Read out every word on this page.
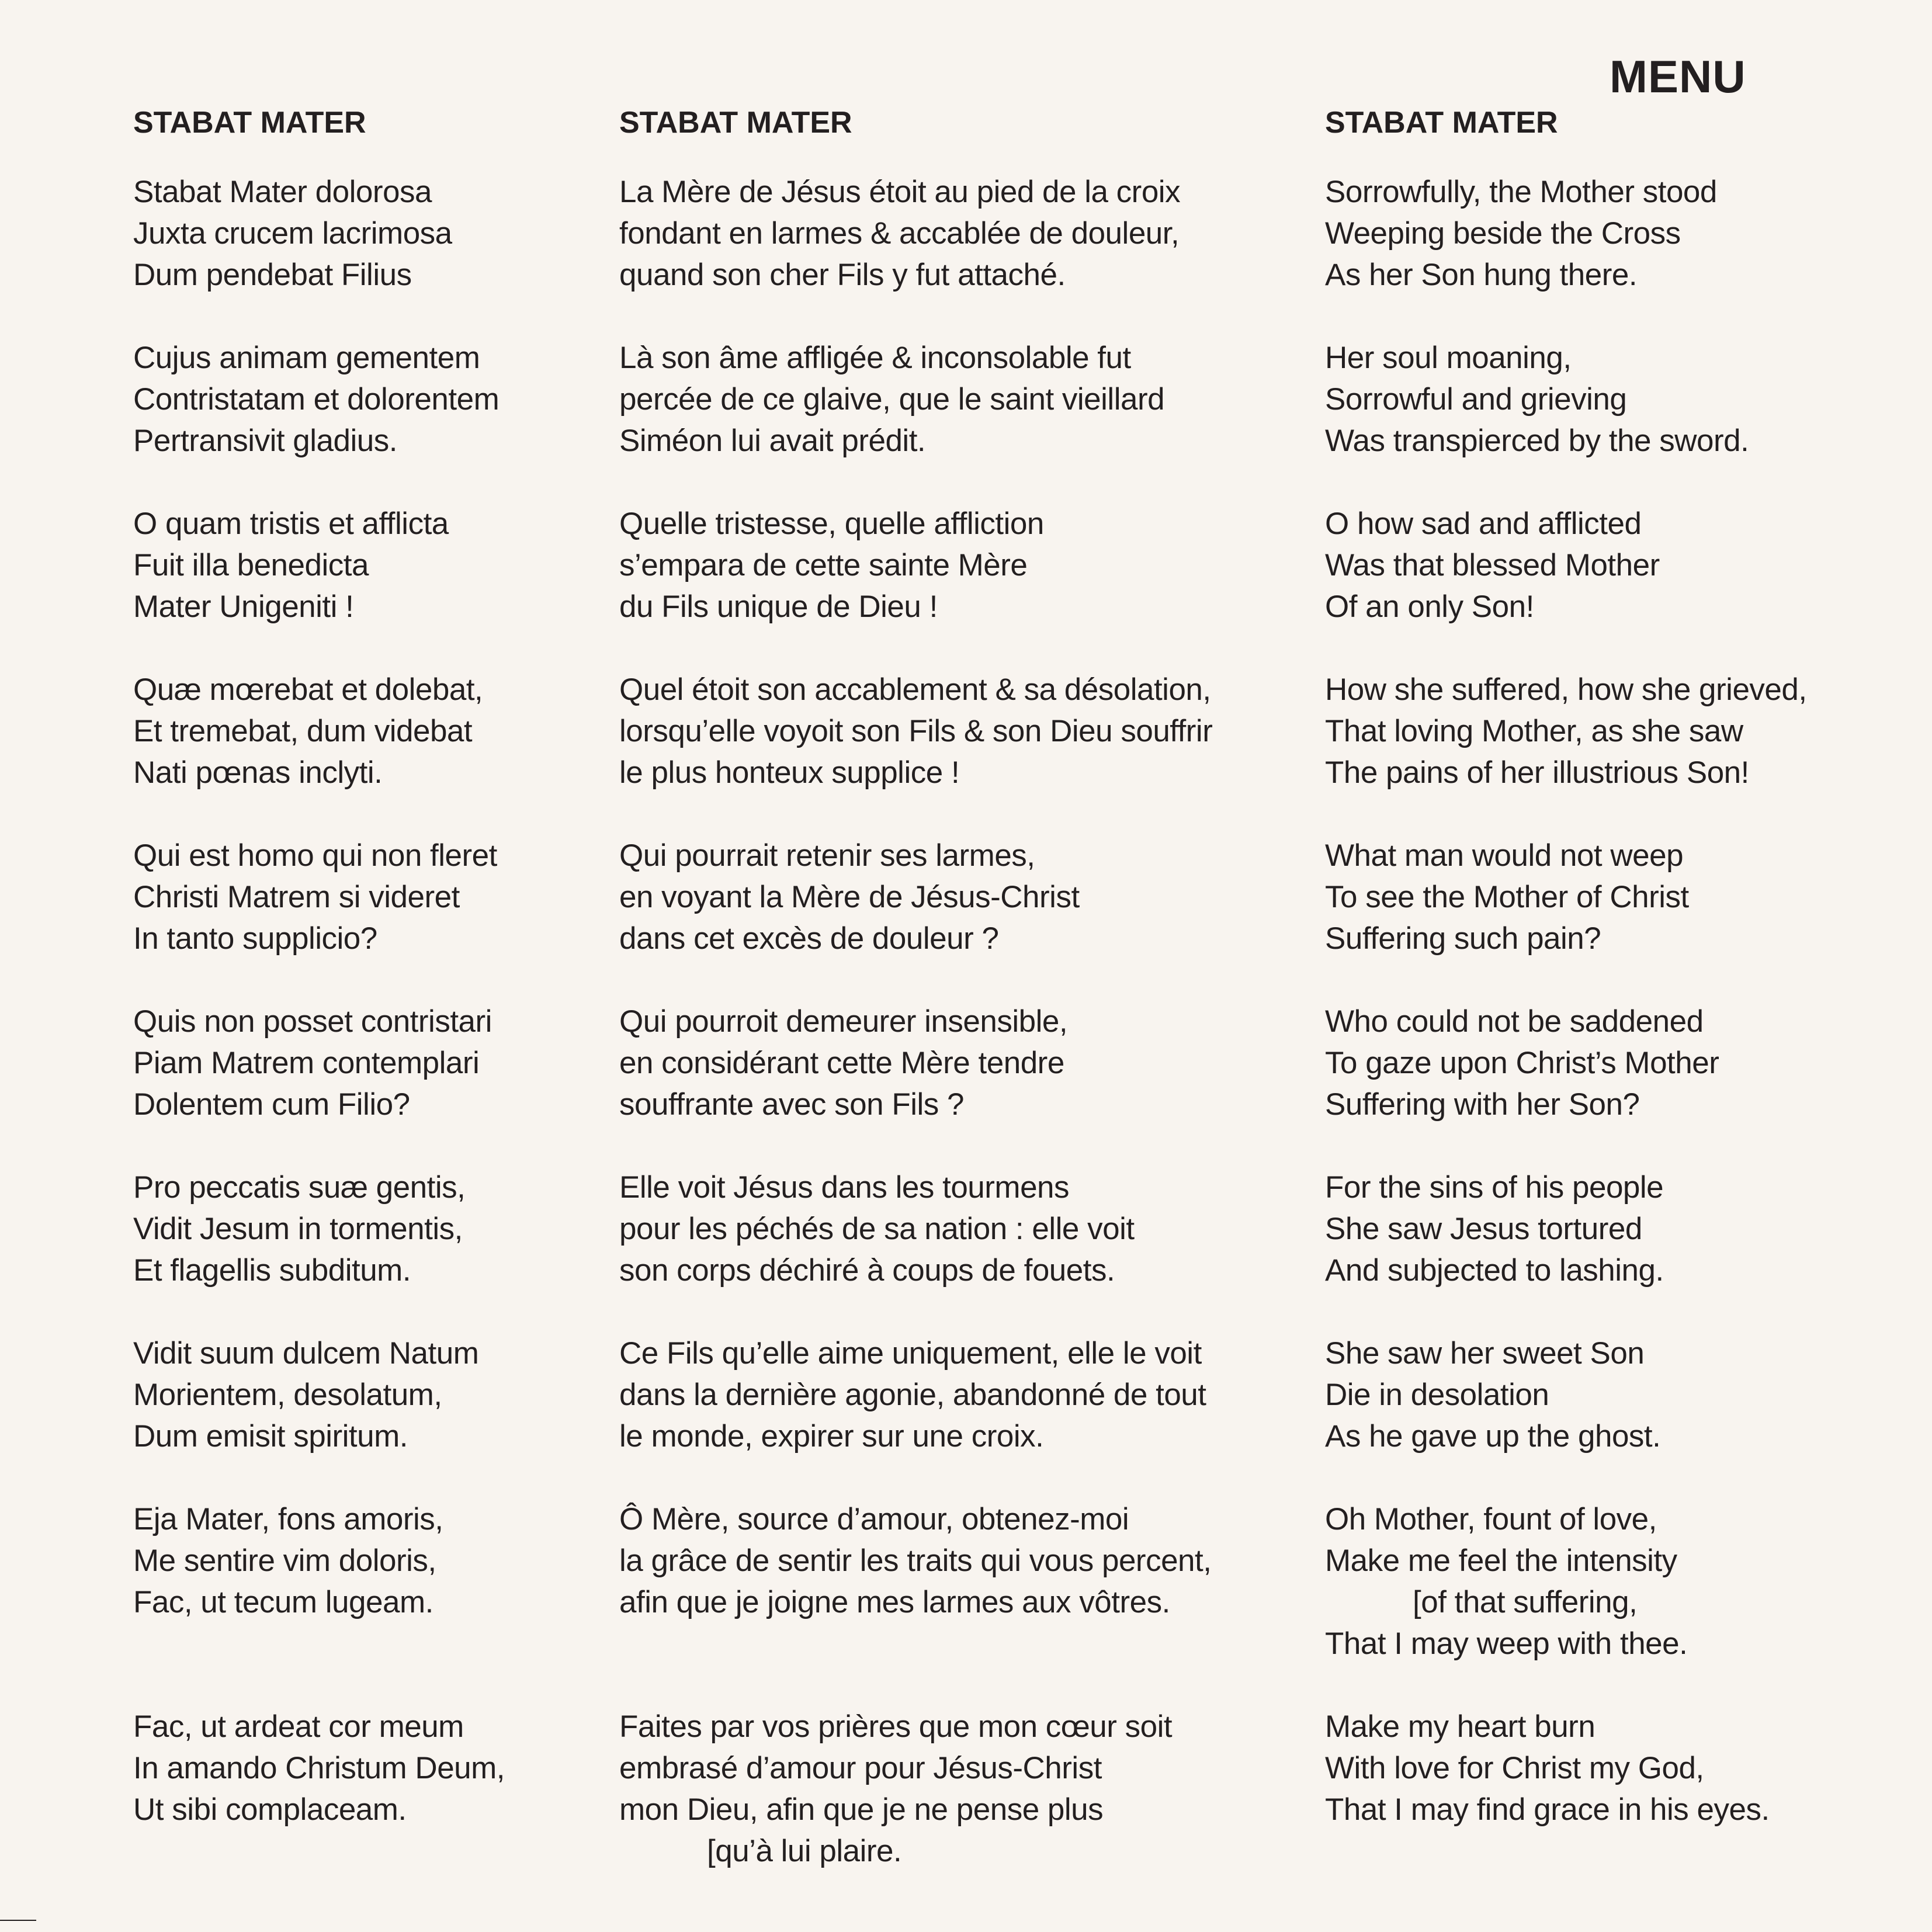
MENU
STABAT MATER
Stabat Mater dolorosa
Juxta crucem lacrimosa
Dum pendebat Filius
Cujus animam gementem
Contristatam et dolorentem
Pertransivit gladius.
O quam tristis et afflicta
Fuit illa benedicta
Mater Unigeniti !
Quæ mœrebat et dolebat,
Et tremebat, dum videbat
Nati pœnas inclyti.
Qui est homo qui non fleret
Christi Matrem si videret
In tanto supplicio?
Quis non posset contristari
Piam Matrem contemplari
Dolentem cum Filio?
Pro peccatis suæ gentis,
Vidit Jesum in tormentis,
Et flagellis subditum.
Vidit suum dulcem Natum
Morientem, desolatum,
Dum emisit spiritum.
Eja Mater, fons amoris,
Me sentire vim doloris,
Fac, ut tecum lugeam.
Fac, ut ardeat cor meum
In amando Christum Deum,
Ut sibi complaceam.
STABAT MATER
La Mère de Jésus étoit au pied de la croix
fondant en larmes & accablée de douleur,
quand son cher Fils y fut attaché.
Là son âme affligée & inconsolable fut
percée de ce glaive, que le saint vieillard
Siméon lui avait prédit.
Quelle tristesse, quelle affliction
s’empara de cette sainte Mère
du Fils unique de Dieu !
Quel étoit son accablement & sa désolation,
lorsqu’elle voyoit son Fils & son Dieu souffrir
le plus honteux supplice !
Qui pourrait retenir ses larmes,
en voyant la Mère de Jésus-Christ
dans cet excès de douleur ?
Qui pourroit demeurer insensible,
en considérant cette Mère tendre
souffrante avec son Fils ?
Elle voit Jésus dans les tourmens
pour les péchés de sa nation : elle voit
son corps déchiré à coups de fouets.
Ce Fils qu’elle aime uniquement, elle le voit
dans la dernière agonie, abandonné de tout
le monde, expirer sur une croix.
Ô Mère, source d’amour, obtenez-moi
la grâce de sentir les traits qui vous percent,
afin que je joigne mes larmes aux vôtres.
Faites par vos prières que mon cœur soit
embrasé d’amour pour Jésus-Christ
mon Dieu, afin que je ne pense plus
[qu’à lui plaire.
STABAT MATER
Sorrowfully, the Mother stood
Weeping beside the Cross
As her Son hung there.
Her soul moaning,
Sorrowful and grieving
Was transpierced by the sword.
O how sad and afflicted
Was that blessed Mother
Of an only Son!
How she suffered, how she grieved,
That loving Mother, as she saw
The pains of her illustrious Son!
What man would not weep
To see the Mother of Christ
Suffering such pain?
Who could not be saddened
To gaze upon Christ’s Mother
Suffering with her Son?
For the sins of his people
She saw Jesus tortured
And subjected to lashing.
She saw her sweet Son
Die in desolation
As he gave up the ghost.
Oh Mother, fount of love,
Make me feel the intensity
[of that suffering,
That I may weep with thee.
Make my heart burn
With love for Christ my God,
That I may find grace in his eyes.
